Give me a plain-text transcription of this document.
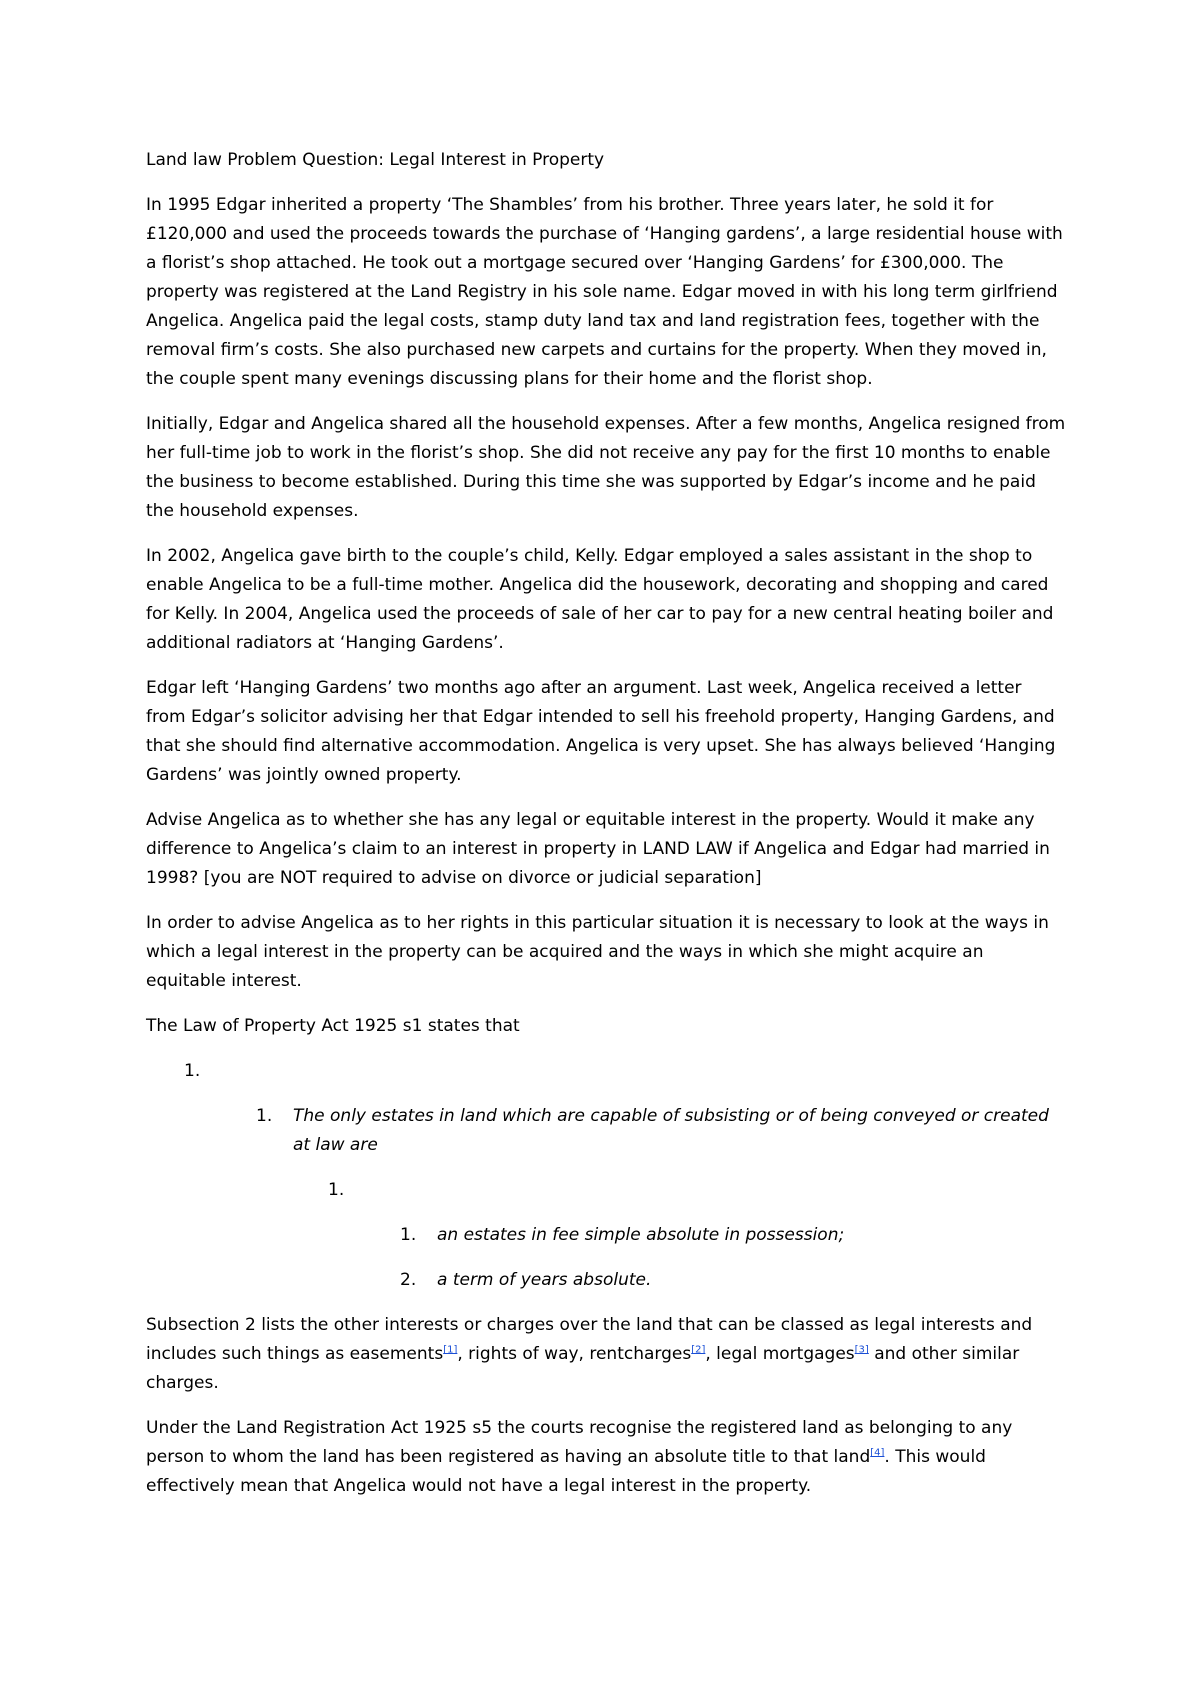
Land law Problem Question: Legal Interest in Property

In 1995 Edgar inherited a property ‘The Shambles’ from his brother. Three years later, he sold it for £120,000 and used the proceeds towards the purchase of ‘Hanging gardens’, a large residential house with a florist’s shop attached. He took out a mortgage secured over ‘Hanging Gardens’ for £300,000. The property was registered at the Land Registry in his sole name. Edgar moved in with his long term girlfriend Angelica. Angelica paid the legal costs, stamp duty land tax and land registration fees, together with the removal firm’s costs. She also purchased new carpets and curtains for the property. When they moved in, the couple spent many evenings discussing plans for their home and the florist shop.

Initially, Edgar and Angelica shared all the household expenses. After a few months, Angelica resigned from her full-time job to work in the florist’s shop. She did not receive any pay for the first 10 months to enable the business to become established. During this time she was supported by Edgar’s income and he paid the household expenses.

In 2002, Angelica gave birth to the couple’s child, Kelly. Edgar employed a sales assistant in the shop to enable Angelica to be a full-time mother. Angelica did the housework, decorating and shopping and cared for Kelly. In 2004, Angelica used the proceeds of sale of her car to pay for a new central heating boiler and additional radiators at ‘Hanging Gardens’.

Edgar left ‘Hanging Gardens’ two months ago after an argument. Last week, Angelica received a letter from Edgar’s solicitor advising her that Edgar intended to sell his freehold property, Hanging Gardens, and that she should find alternative accommodation. Angelica is very upset. She has always believed ‘Hanging Gardens’ was jointly owned property.

Advise Angelica as to whether she has any legal or equitable interest in the property. Would it make any difference to Angelica’s claim to an interest in property in LAND LAW if Angelica and Edgar had married in 1998? [you are NOT required to advise on divorce or judicial separation]

In order to advise Angelica as to her rights in this particular situation it is necessary to look at the ways in which a legal interest in the property can be acquired and the ways in which she might acquire an equitable interest.

The Law of Property Act 1925 s1 states that

1.
1. The only estates in land which are capable of subsisting or of being conveyed or created at law are
1.
1. an estates in fee simple absolute in possession;
2. a term of years absolute.

Subsection 2 lists the other interests or charges over the land that can be classed as legal interests and includes such things as easements[1], rights of way, rentcharges[2], legal mortgages[3] and other similar charges.

Under the Land Registration Act 1925 s5 the courts recognise the registered land as belonging to any person to whom the land has been registered as having an absolute title to that land[4]. This would effectively mean that Angelica would not have a legal interest in the property.
